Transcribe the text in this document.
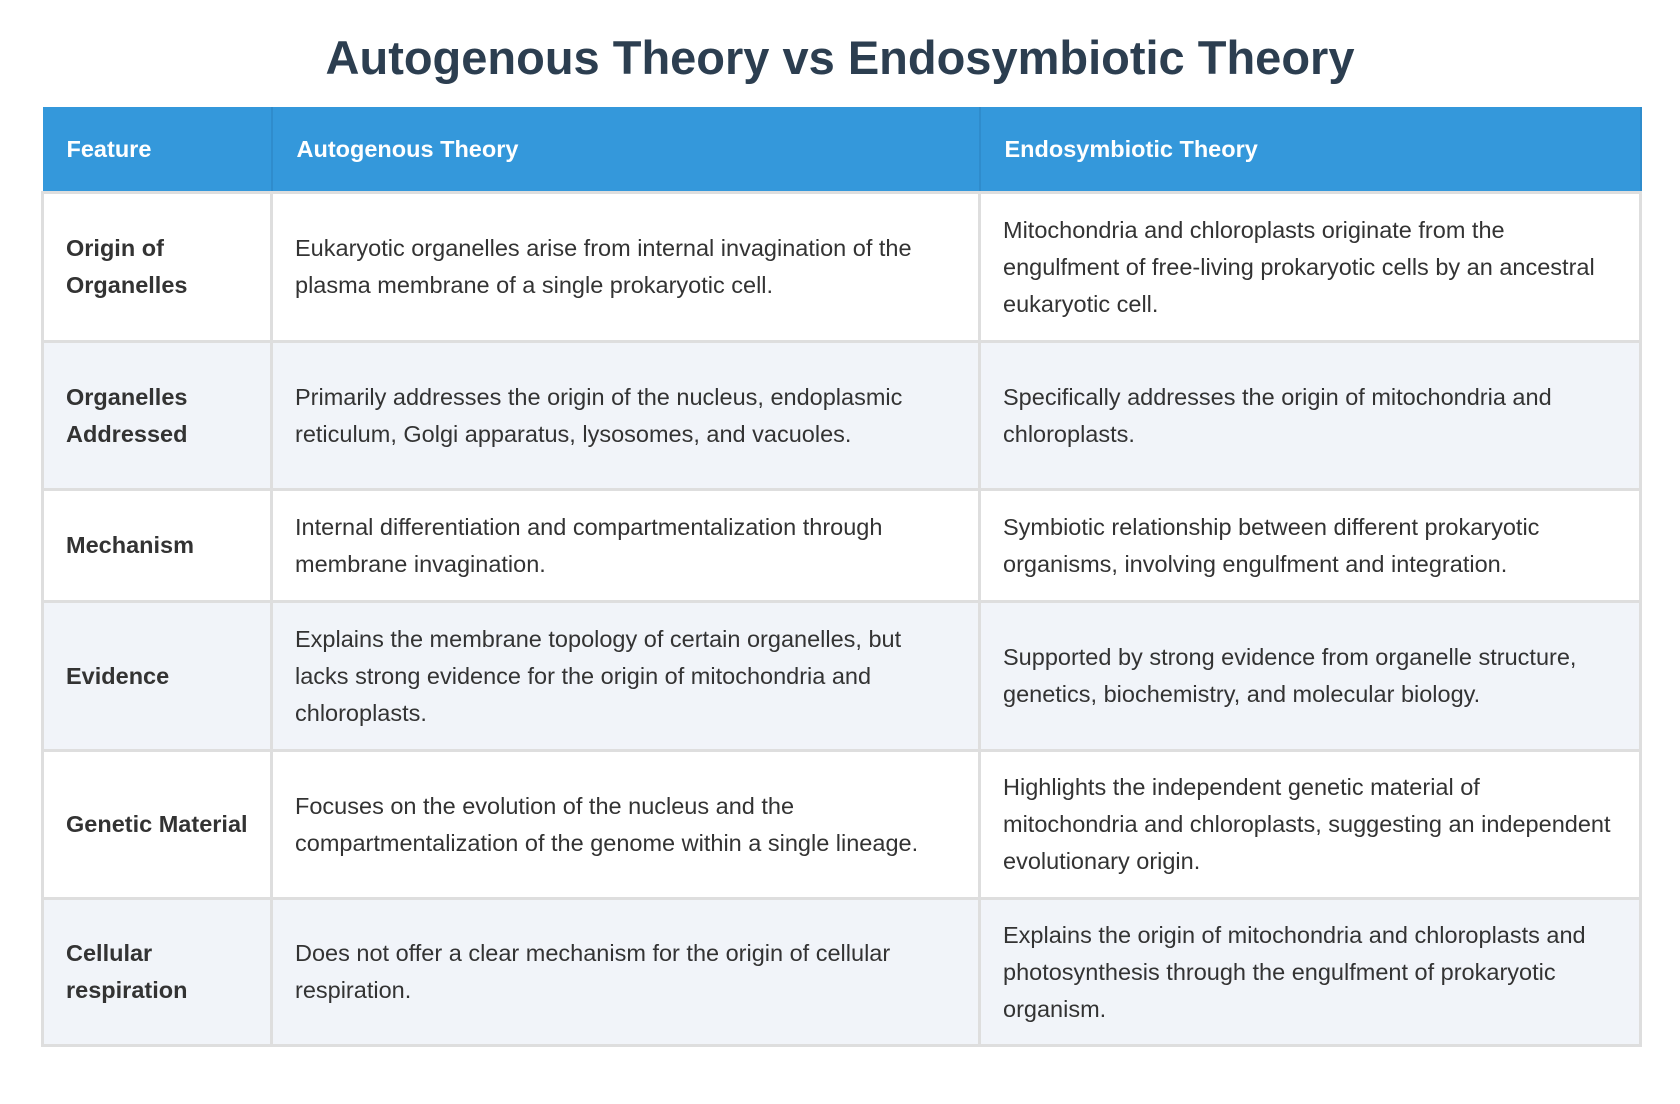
Autogenous Theory vs Endosymbiotic Theory
Feature	Autogenous Theory	Endosymbiotic Theory
Origin of Organelles	Eukaryotic organelles arise from internal invagination of the plasma membrane of a single prokaryotic cell.	Mitochondria and chloroplasts originate from the engulfment of free-living prokaryotic cells by an ancestral eukaryotic cell.
Organelles Addressed	Primarily addresses the origin of the nucleus, endoplasmic reticulum, Golgi apparatus, lysosomes, and vacuoles.	Specifically addresses the origin of mitochondria and chloroplasts.
Mechanism	Internal differentiation and compartmentalization through membrane invagination.	Symbiotic relationship between different prokaryotic organisms, involving engulfment and integration.
Evidence	Explains the membrane topology of certain organelles, but lacks strong evidence for the origin of mitochondria and chloroplasts.	Supported by strong evidence from organelle structure, genetics, biochemistry, and molecular biology.
Genetic Material	Focuses on the evolution of the nucleus and the compartmentalization of the genome within a single lineage.	Highlights the independent genetic material of mitochondria and chloroplasts, suggesting an independent evolutionary origin.
Cellular respiration	Does not offer a clear mechanism for the origin of cellular respiration.	Explains the origin of mitochondria and chloroplasts and photosynthesis through the engulfment of prokaryotic organism.
